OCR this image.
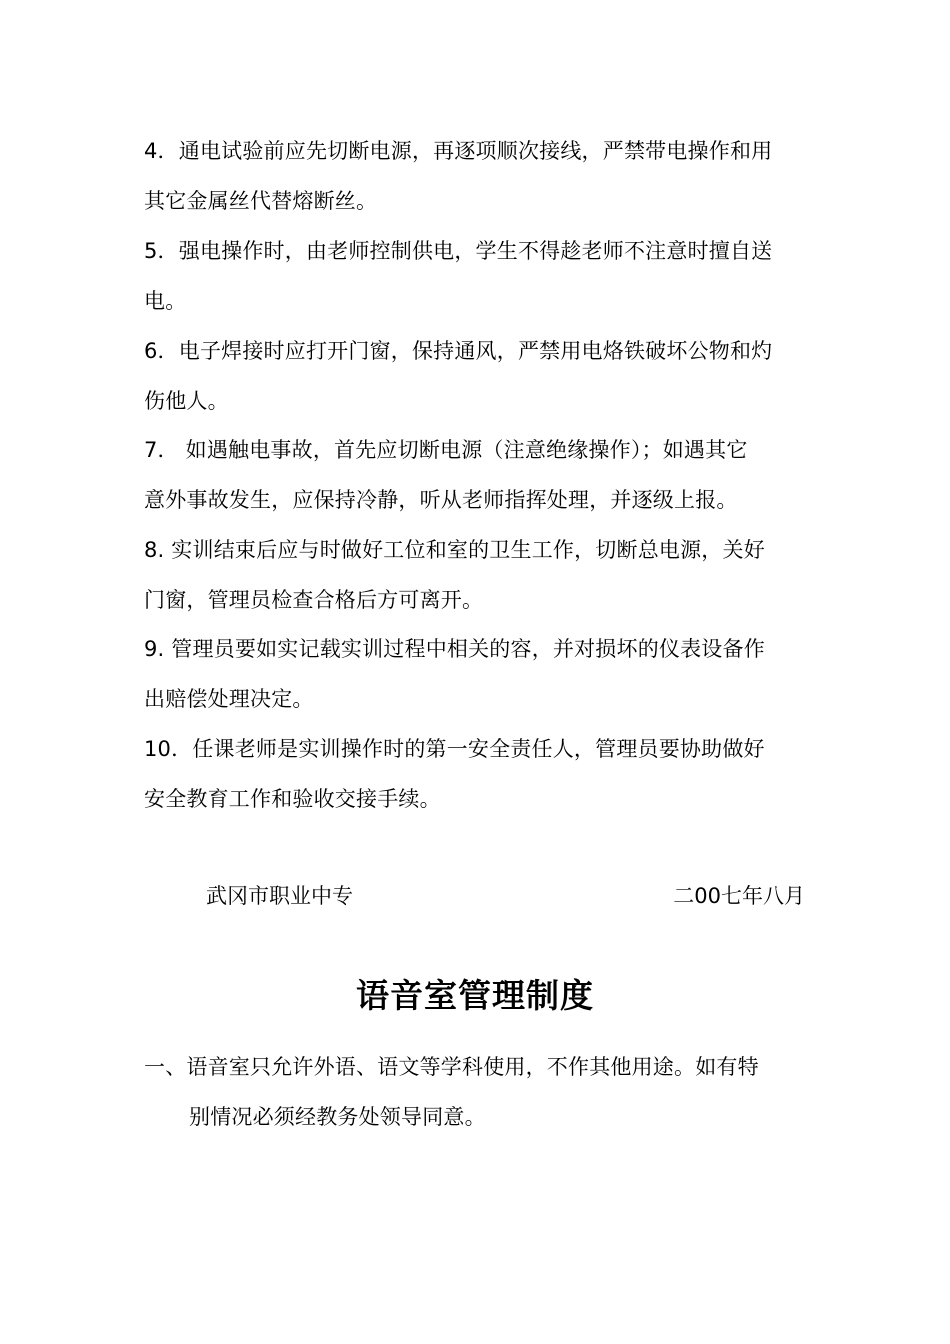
4．通电试验前应先切断电源，再逐项顺次接线，严禁带电操作和用
其它金属丝代替熔断丝。
5．强电操作时，由老师控制供电，学生不得趁老师不注意时擅自送
电。
6．电子焊接时应打开门窗，保持通风，严禁用电烙铁破坏公物和灼
伤他人。
7． 如遇触电事故，首先应切断电源（注意绝缘操作）；如遇其它
意外事故发生，应保持冷静，听从老师指挥处理，并逐级上报。
8. 实训结束后应与时做好工位和室的卫生工作，切断总电源，关好
门窗，管理员检查合格后方可离开。
9. 管理员要如实记载实训过程中相关的容，并对损坏的仪表设备作
出赔偿处理决定。
10．任课老师是实训操作时的第一安全责任人，管理员要协助做好
安全教育工作和验收交接手续。
武冈市职业中专	二00七年八月
语音室管理制度
一、语音室只允许外语、语文等学科使用，不作其他用途。如有特
别情况必须经教务处领导同意。
